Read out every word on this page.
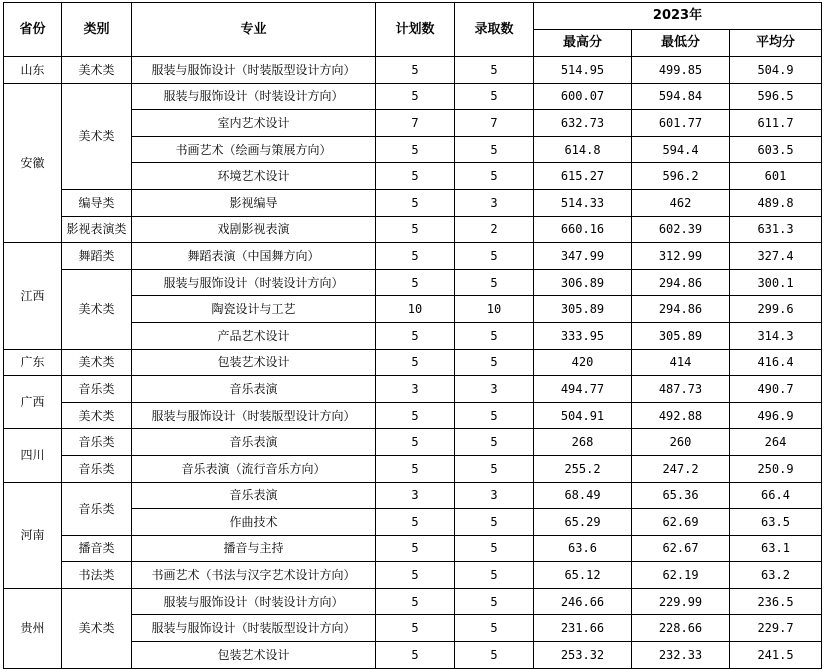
省份	类别	专业	计划数	录取数	2023年		
					最高分	最低分	平均分
山东	美术类	服装与服饰设计（时装版型设计方向）	5	5	514.95	499.85	504.9
安徽	美术类	服装与服饰设计（时装设计方向）	5	5	600.07	594.84	596.5
		室内艺术设计	7	7	632.73	601.77	611.7
		书画艺术（绘画与策展方向）	5	5	614.8	594.4	603.5
		环境艺术设计	5	5	615.27	596.2	601
	编导类	影视编导	5	3	514.33	462	489.8
	影视表演类	戏剧影视表演	5	2	660.16	602.39	631.3
江西	舞蹈类	舞蹈表演（中国舞方向）	5	5	347.99	312.99	327.4
	美术类	服装与服饰设计（时装设计方向）	5	5	306.89	294.86	300.1
		陶瓷设计与工艺	10	10	305.89	294.86	299.6
		产品艺术设计	5	5	333.95	305.89	314.3
广东	美术类	包装艺术设计	5	5	420	414	416.4
广西	音乐类	音乐表演	3	3	494.77	487.73	490.7
	美术类	服装与服饰设计（时装版型设计方向）	5	5	504.91	492.88	496.9
四川	音乐类	音乐表演	5	5	268	260	264
	音乐类	音乐表演（流行音乐方向）	5	5	255.2	247.2	250.9
河南	音乐类	音乐表演	3	3	68.49	65.36	66.4
		作曲技术	5	5	65.29	62.69	63.5
	播音类	播音与主持	5	5	63.6	62.67	63.1
	书法类	书画艺术（书法与汉字艺术设计方向）	5	5	65.12	62.19	63.2
贵州	美术类	服装与服饰设计（时装设计方向）	5	5	246.66	229.99	236.5
		服装与服饰设计（时装版型设计方向）	5	5	231.66	228.66	229.7
		包装艺术设计	5	5	253.32	232.33	241.5
